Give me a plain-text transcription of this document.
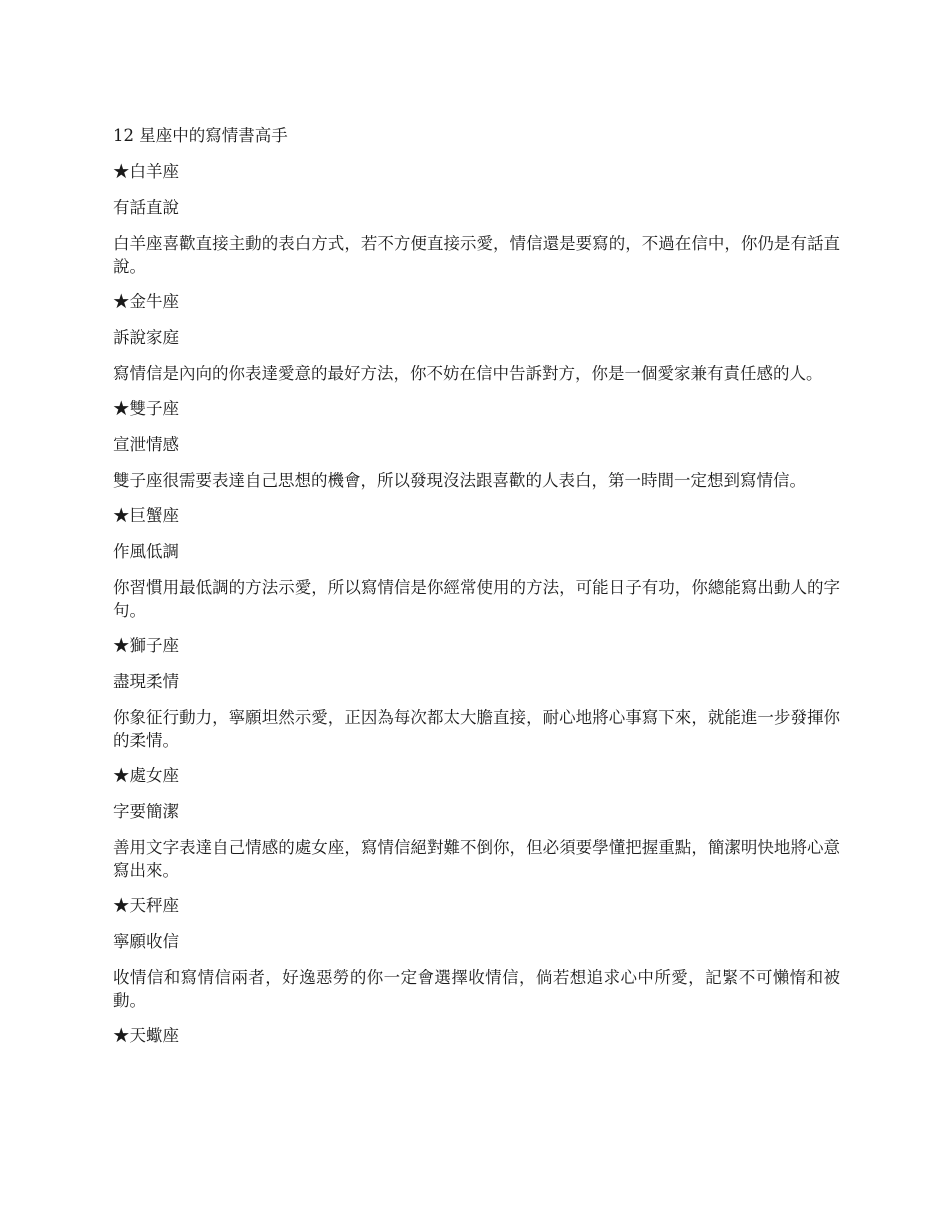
12 星座中的寫情書高手
★白羊座
有話直說
白羊座喜歡直接主動的表白方式，若不方便直接示愛，情信還是要寫的，不過在信中，你仍是有話直說。
★金牛座
訴說家庭
寫情信是內向的你表達愛意的最好方法，你不妨在信中告訴對方，你是一個愛家兼有責任感的人。
★雙子座
宣泄情感
雙子座很需要表達自己思想的機會，所以發現沒法跟喜歡的人表白，第一時間一定想到寫情信。
★巨蟹座
作風低調
你習慣用最低調的方法示愛，所以寫情信是你經常使用的方法，可能日子有功，你總能寫出動人的字句。
★獅子座
盡現柔情
你象征行動力，寧願坦然示愛，正因為每次都太大膽直接，耐心地將心事寫下來，就能進一步發揮你的柔情。
★處女座
字要簡潔
善用文字表達自己情感的處女座，寫情信絕對難不倒你，但必須要學懂把握重點，簡潔明快地將心意寫出來。
★天秤座
寧願收信
收情信和寫情信兩者，好逸惡勞的你一定會選擇收情信，倘若想追求心中所愛，記緊不可懶惰和被動。
★天蠍座
